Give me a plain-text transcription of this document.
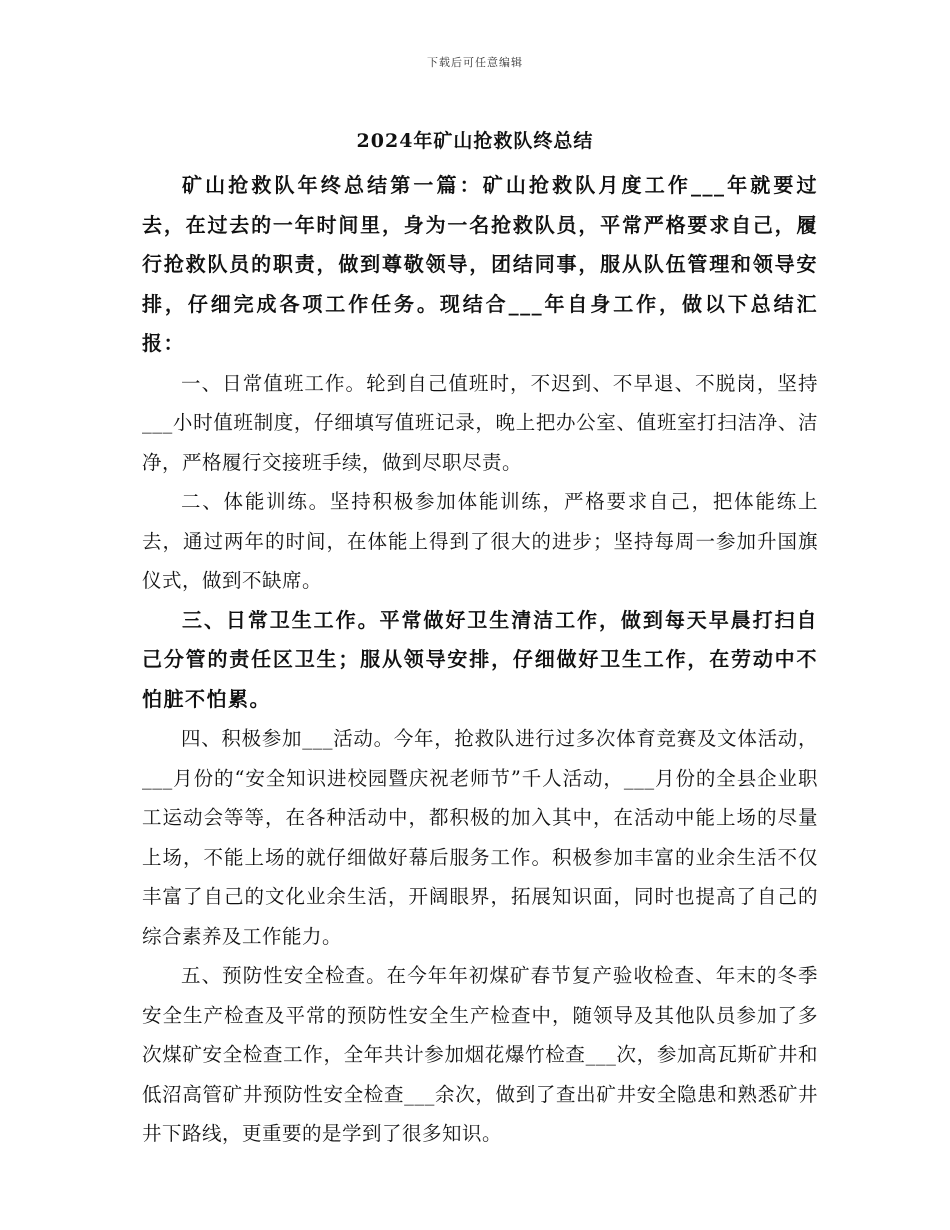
下载后可任意编辑
2024年矿山抢救队终总结

矿山抢救队年终总结第一篇：矿山抢救队月度工作___年就要过去，在过去的一年时间里，身为一名抢救队员，平常严格要求自己，履行抢救队员的职责，做到尊敬领导，团结同事，服从队伍管理和领导安排，仔细完成各项工作任务。现结合___年自身工作，做以下总结汇报：

一、日常值班工作。轮到自己值班时，不迟到、不早退、不脱岗，坚持___小时值班制度，仔细填写值班记录，晚上把办公室、值班室打扫洁净、洁净，严格履行交接班手续，做到尽职尽责。

二、体能训练。坚持积极参加体能训练，严格要求自己，把体能练上去，通过两年的时间，在体能上得到了很大的进步；坚持每周一参加升国旗仪式，做到不缺席。

三、日常卫生工作。平常做好卫生清洁工作，做到每天早晨打扫自己分管的责任区卫生；服从领导安排，仔细做好卫生工作，在劳动中不怕脏不怕累。

四、积极参加___活动。今年，抢救队进行过多次体育竞赛及文体活动，___月份的“安全知识进校园暨庆祝老师节”千人活动，___月份的全县企业职工运动会等等，在各种活动中，都积极的加入其中，在活动中能上场的尽量上场，不能上场的就仔细做好幕后服务工作。积极参加丰富的业余生活不仅丰富了自己的文化业余生活，开阔眼界，拓展知识面，同时也提高了自己的综合素养及工作能力。

五、预防性安全检查。在今年年初煤矿春节复产验收检查、年末的冬季安全生产检查及平常的预防性安全生产检查中，随领导及其他队员参加了多次煤矿安全检查工作，全年共计参加烟花爆竹检查___次，参加高瓦斯矿井和低沼高管矿井预防性安全检查___余次，做到了查出矿井安全隐患和熟悉矿井井下路线，更重要的是学到了很多知识。
